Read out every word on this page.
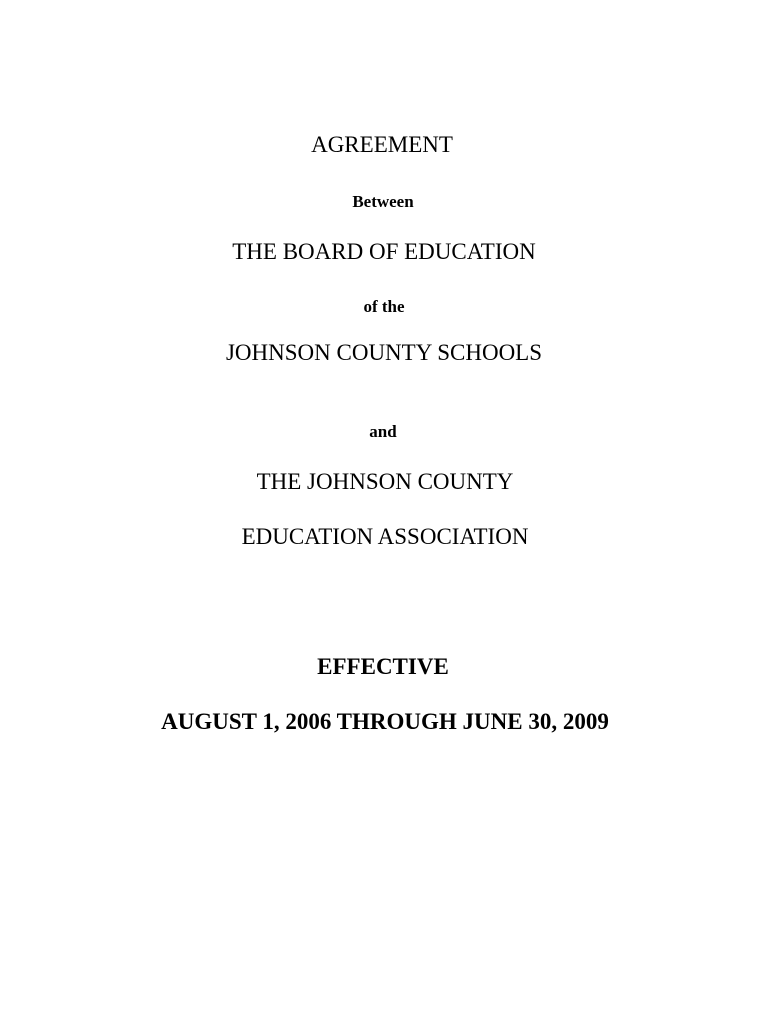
AGREEMENT
Between
THE BOARD OF EDUCATION
of the
JOHNSON COUNTY SCHOOLS
and
THE JOHNSON COUNTY
EDUCATION ASSOCIATION
EFFECTIVE
AUGUST 1, 2006 THROUGH JUNE 30, 2009
